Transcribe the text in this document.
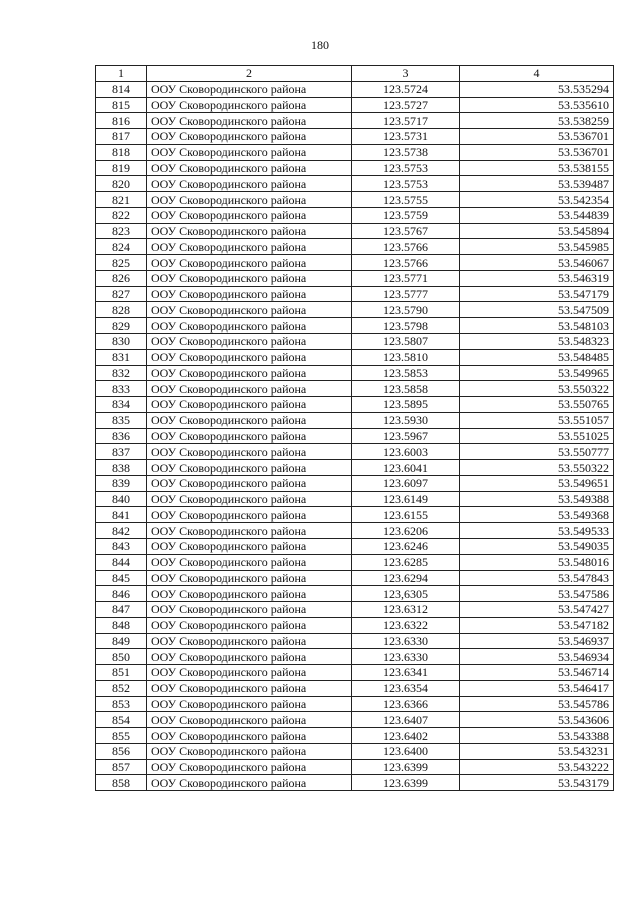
180
1	2	3	4
814	ООУ Сковородинского района	123.5724	53.535294
815	ООУ Сковородинского района	123.5727	53.535610
816	ООУ Сковородинского района	123.5717	53.538259
817	ООУ Сковородинского района	123.5731	53.536701
818	ООУ Сковородинского района	123.5738	53.536701
819	ООУ Сковородинского района	123.5753	53.538155
820	ООУ Сковородинского района	123.5753	53.539487
821	ООУ Сковородинского района	123.5755	53.542354
822	ООУ Сковородинского района	123.5759	53.544839
823	ООУ Сковородинского района	123.5767	53.545894
824	ООУ Сковородинского района	123.5766	53.545985
825	ООУ Сковородинского района	123.5766	53.546067
826	ООУ Сковородинского района	123.5771	53.546319
827	ООУ Сковородинского района	123.5777	53.547179
828	ООУ Сковородинского района	123.5790	53.547509
829	ООУ Сковородинского района	123.5798	53.548103
830	ООУ Сковородинского района	123.5807	53.548323
831	ООУ Сковородинского района	123.5810	53.548485
832	ООУ Сковородинского района	123.5853	53.549965
833	ООУ Сковородинского района	123.5858	53.550322
834	ООУ Сковородинского района	123.5895	53.550765
835	ООУ Сковородинского района	123.5930	53.551057
836	ООУ Сковородинского района	123.5967	53.551025
837	ООУ Сковородинского района	123.6003	53.550777
838	ООУ Сковородинского района	123.6041	53.550322
839	ООУ Сковородинского района	123.6097	53.549651
840	ООУ Сковородинского района	123.6149	53.549388
841	ООУ Сковородинского района	123.6155	53.549368
842	ООУ Сковородинского района	123.6206	53.549533
843	ООУ Сковородинского района	123.6246	53.549035
844	ООУ Сковородинского района	123.6285	53.548016
845	ООУ Сковородинского района	123.6294	53.547843
846	ООУ Сковородинского района	123,6305	53.547586
847	ООУ Сковородинского района	123.6312	53.547427
848	ООУ Сковородинского района	123.6322	53.547182
849	ООУ Сковородинского района	123.6330	53.546937
850	ООУ Сковородинского района	123.6330	53.546934
851	ООУ Сковородинского района	123.6341	53.546714
852	ООУ Сковородинского района	123.6354	53.546417
853	ООУ Сковородинского района	123.6366	53.545786
854	ООУ Сковородинского района	123.6407	53.543606
855	ООУ Сковородинского района	123.6402	53.543388
856	ООУ Сковородинского района	123.6400	53.543231
857	ООУ Сковородинского района	123.6399	53.543222
858	ООУ Сковородинского района	123.6399	53.543179
